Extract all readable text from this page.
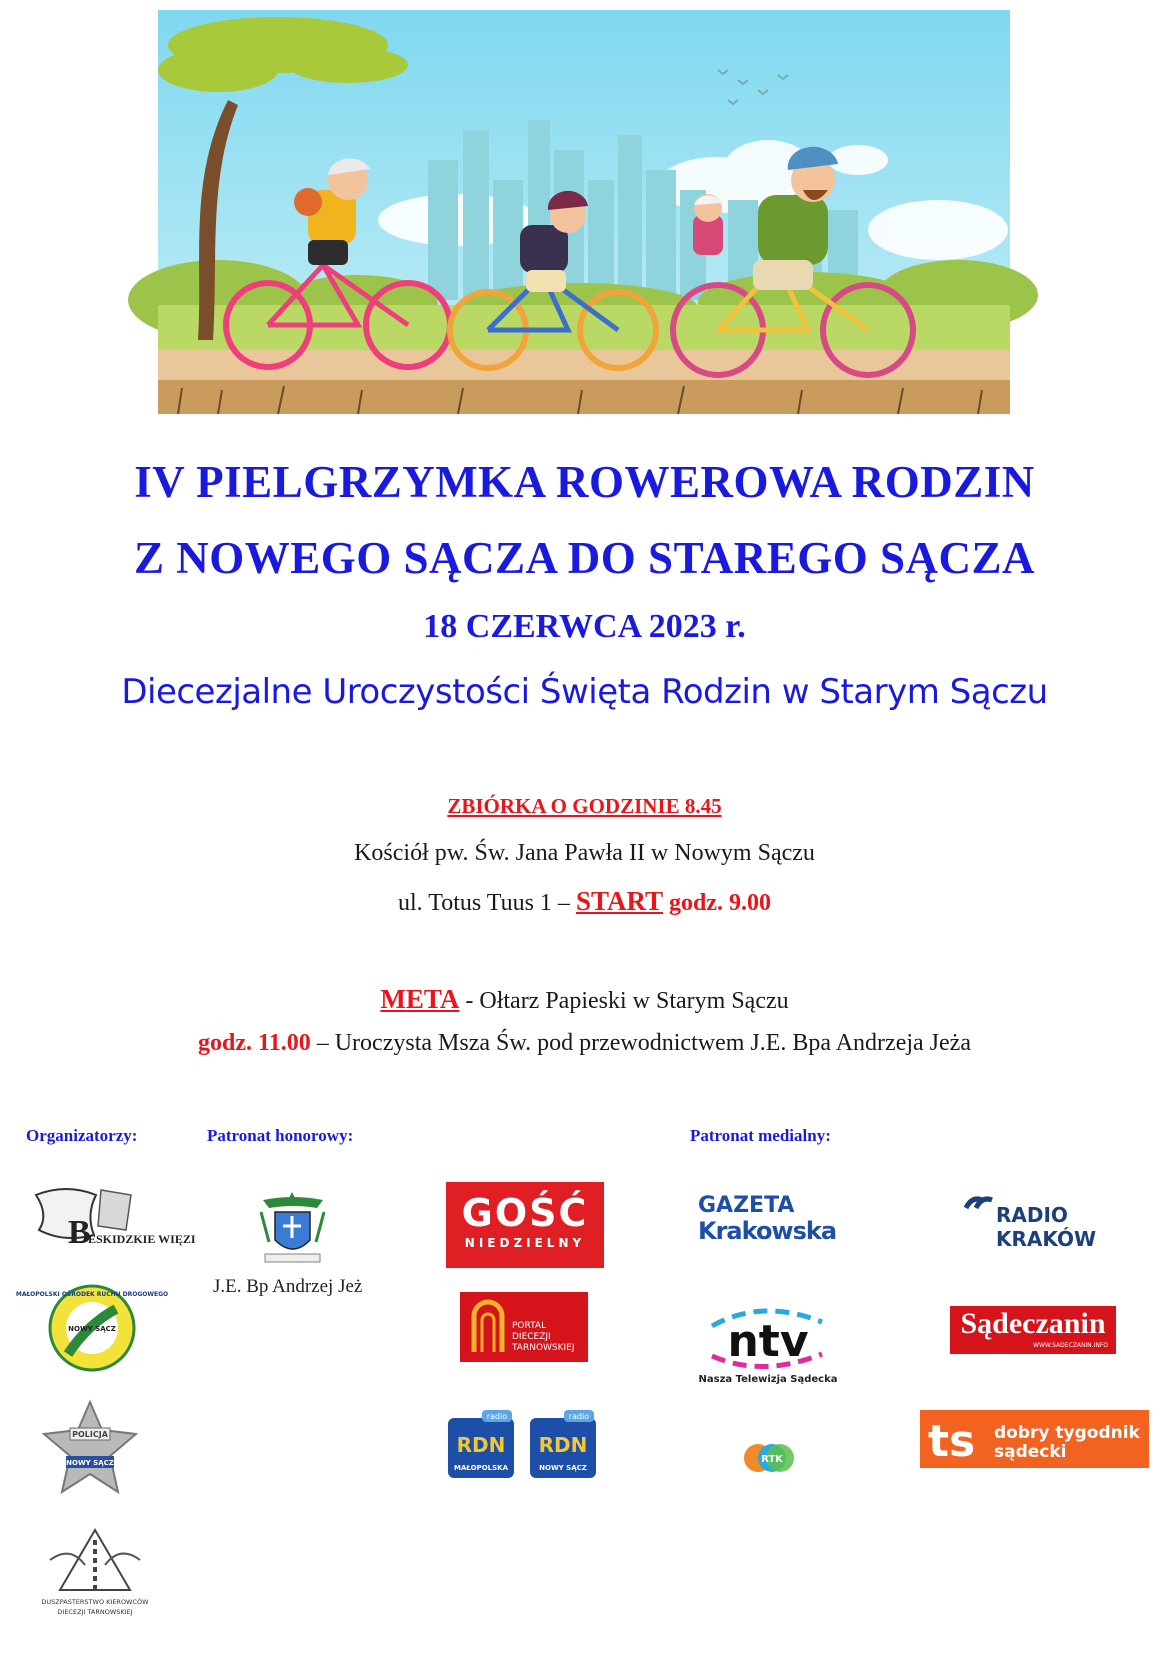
IV PIELGRZYMKA ROWEROWA RODZIN
Z NOWEGO SĄCZA DO STAREGO SĄCZA
18 CZERWCA 2023 r.
Diecezjalne Uroczystości Święta Rodzin w Starym Sączu
ZBIÓRKA O GODZINIE 8.45
Kościół pw. Św. Jana Pawła II w Nowym Sączu
ul. Totus Tuus 1 – START godz. 9.00
META - Ołtarz Papieski w Starym Sączu
godz. 11.00 – Uroczysta Msza Św. pod przewodnictwem J.E. Bpa Andrzeja Jeża
Organizatorzy:	Patronat honorowy:	Patronat medialny:
B
ESKIDZKIE WIĘZI
MAŁOPOLSKI OŚRODEK RUCHU DROGOWEGO
NOWY SĄCZ
POLICJA
NOWY SĄCZ
DUSZPASTERSTWO KIEROWCÓW
DIECEZJI TARNOWSKIEJ
J.E. Bp Andrzej Jeż
GOŚĆ
NIEDZIELNY
PORTAL
DIECEZJI
TARNOWSKIEJ
radio
RDN
MAŁOPOLSKA
radio
RDN
NOWY SĄCZ
GAZETA
Krakowska
RADIO
KRAKÓW
ntv
Nasza Telewizja Sądecka
Sądeczanin
WWW.SADECZANIN.INFO
RTK	ts dobry tygodnik
sądecki
